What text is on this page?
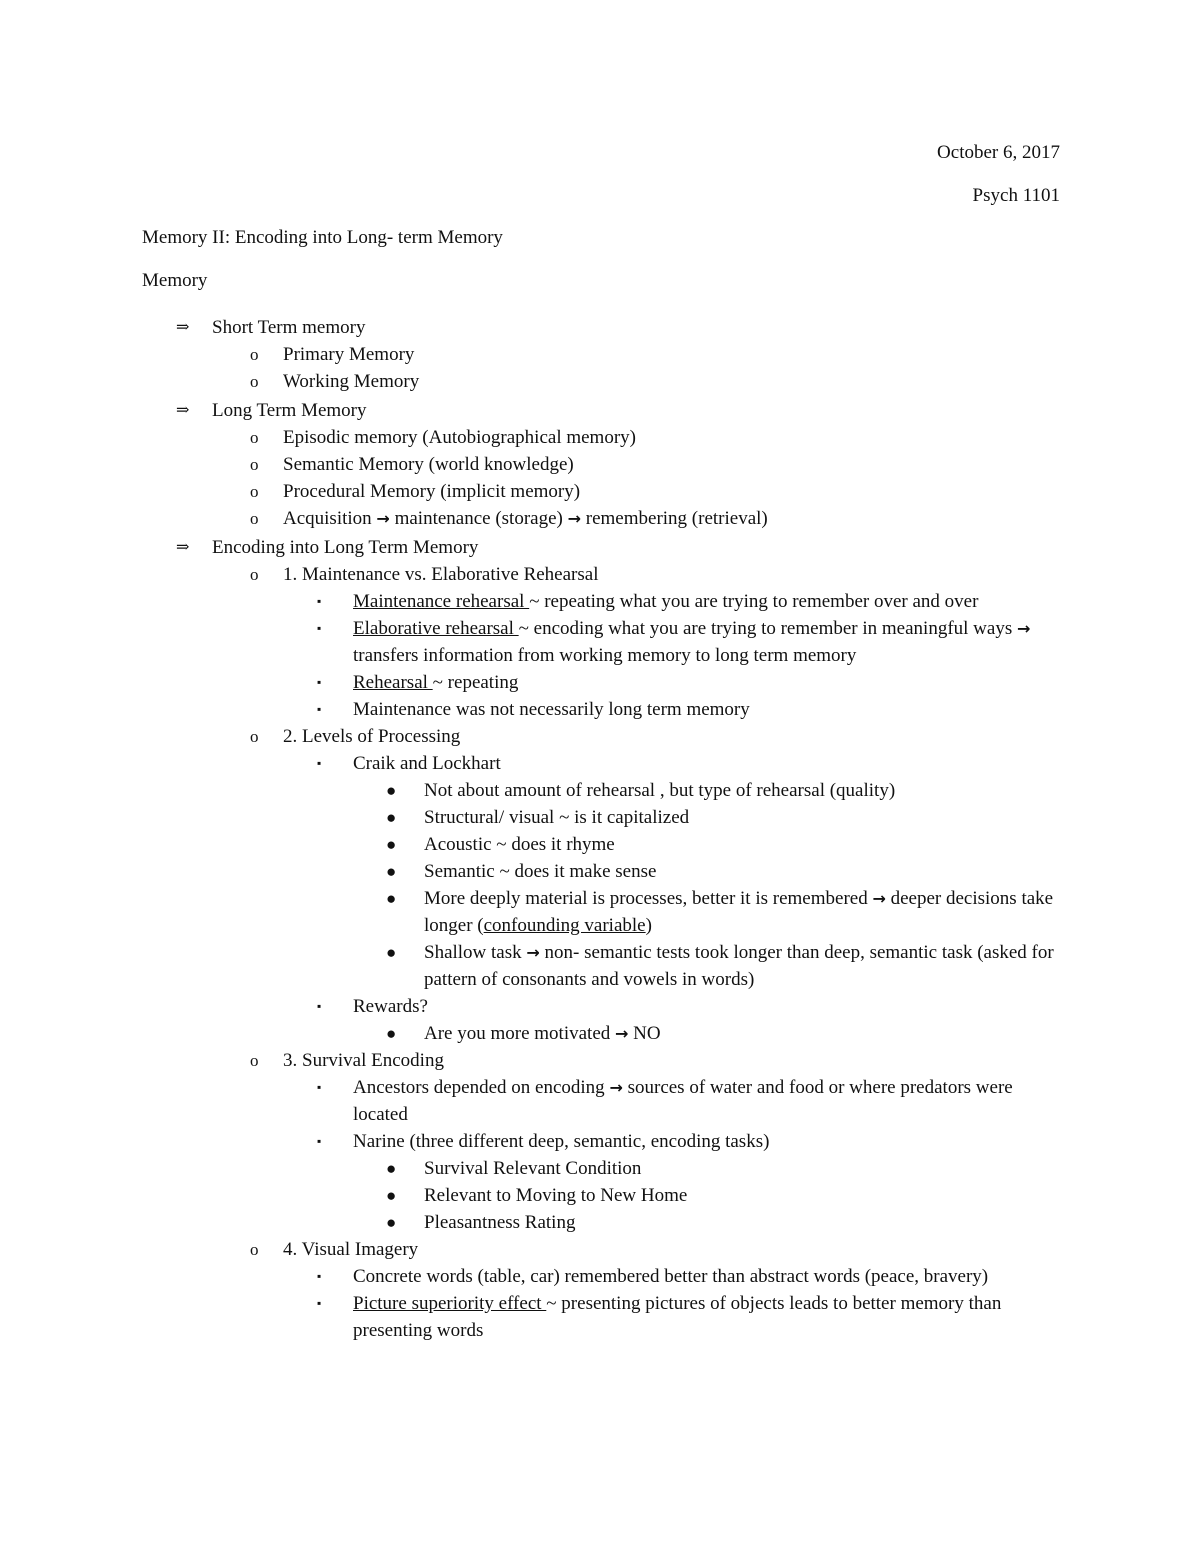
October 6, 2017
Psych 1101
Memory II: Encoding into Long- term Memory
Memory
⇒ Short Term memory
o Primary Memory
o Working Memory
⇒ Long Term Memory
o Episodic memory (Autobiographical memory)
o Semantic Memory (world knowledge)
o Procedural Memory (implicit memory)
o Acquisition → maintenance (storage) → remembering (retrieval)
⇒ Encoding into Long Term Memory
o 1. Maintenance vs. Elaborative Rehearsal
▪ Maintenance rehearsal ~ repeating what you are trying to remember over and over
▪ Elaborative rehearsal ~ encoding what you are trying to remember in meaningful ways → transfers information from working memory to long term memory
▪ Rehearsal ~ repeating
▪ Maintenance was not necessarily long term memory
o 2. Levels of Processing
▪ Craik and Lockhart
● Not about amount of rehearsal , but type of rehearsal (quality)
● Structural/ visual ~ is it capitalized
● Acoustic ~ does it rhyme
● Semantic ~ does it make sense
● More deeply material is processes, better it is remembered → deeper decisions take longer (confounding variable)
● Shallow task → non- semantic tests took longer than deep, semantic task (asked for pattern of consonants and vowels in words)
▪ Rewards?
● Are you more motivated → NO
o 3. Survival Encoding
▪ Ancestors depended on encoding → sources of water and food or where predators were located
▪ Narine (three different deep, semantic, encoding tasks)
● Survival Relevant Condition
● Relevant to Moving to New Home
● Pleasantness Rating
o 4. Visual Imagery
▪ Concrete words (table, car) remembered better than abstract words (peace, bravery)
▪ Picture superiority effect ~ presenting pictures of objects leads to better memory than presenting words
